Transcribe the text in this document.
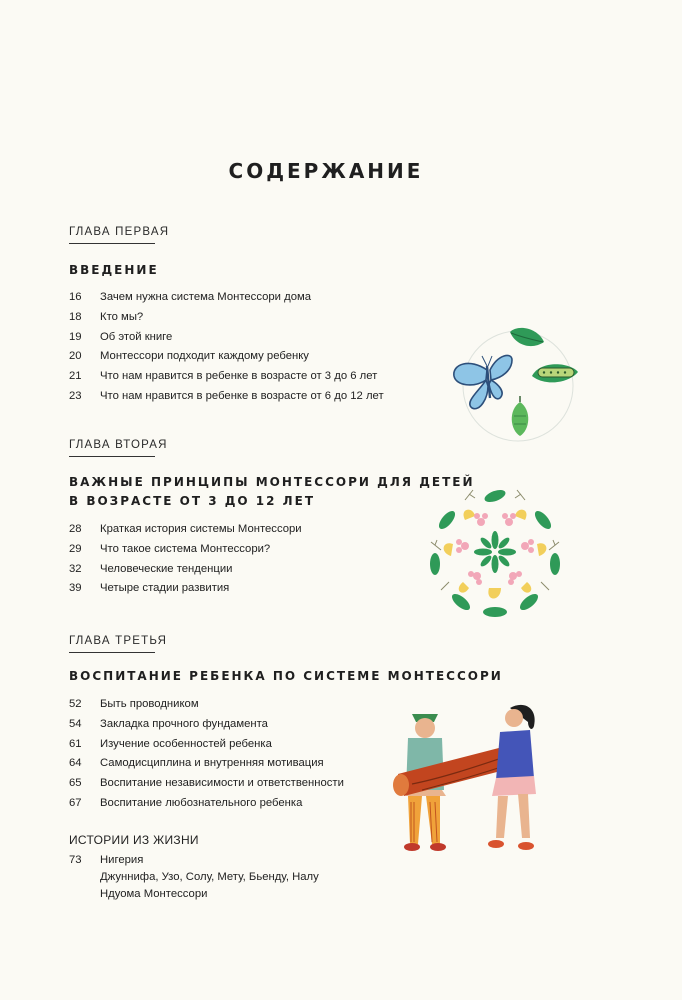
СОДЕРЖАНИЕ
ГЛАВА ПЕРВАЯ
ВВЕДЕНИЕ
16	Зачем нужна система Монтессори дома
18	Кто мы?
19	Об этой книге
20	Монтессори подходит каждому ребенку
21	Что нам нравится в ребенке в возрасте от 3 до 6 лет
23	Что нам нравится в ребенке в возрасте от 6 до 12 лет
ГЛАВА ВТОРАЯ
ВАЖНЫЕ ПРИНЦИПЫ МОНТЕССОРИ ДЛЯ ДЕТЕЙ
В ВОЗРАСТЕ ОТ 3 ДО 12 ЛЕТ
28	Краткая история системы Монтессори
29	Что такое система Монтессори?
32	Человеческие тенденции
39	Четыре стадии развития
ГЛАВА ТРЕТЬЯ
ВОСПИТАНИЕ РЕБЕНКА ПО СИСТЕМЕ МОНТЕССОРИ
52	Быть проводником
54	Закладка прочного фундамента
61	Изучение особенностей ребенка
64	Самодисциплина и внутренняя мотивация
65	Воспитание независимости и ответственности
67	Воспитание любознательного ребенка
ИСТОРИИ ИЗ ЖИЗНИ
73	Нигерия
Джуннифа, Узо, Солу, Мету, Бьенду, Налу
Ндуома Монтессори
